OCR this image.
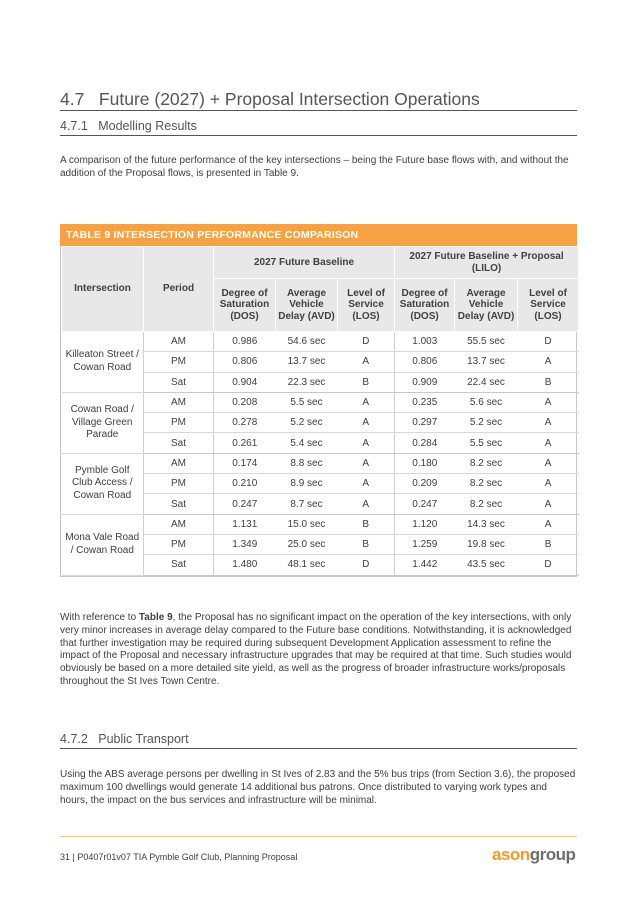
4.7 Future (2027) + Proposal Intersection Operations
4.7.1 Modelling Results
A comparison of the future performance of the key intersections – being the Future base flows with, and without the addition of the Proposal flows, is presented in Table 9.
TABLE 9 INTERSECTION PERFORMANCE COMPARISON
Intersection	Period	2027 Future Baseline			2027 Future Baseline + Proposal (LILO)		
		Degree of Saturation (DOS)	Average Vehicle Delay (AVD)	Level of Service (LOS)	Degree of Saturation (DOS)	Average Vehicle Delay (AVD)	Level of Service (LOS)
Killeaton Street / Cowan Road	AM	0.986	54.6 sec	D	1.003	55.5 sec	D
	PM	0.806	13.7 sec	A	0.806	13.7 sec	A
	Sat	0.904	22.3 sec	B	0.909	22.4 sec	B
Cowan Road / Village Green Parade	AM	0.208	5.5 sec	A	0.235	5.6 sec	A
	PM	0.278	5.2 sec	A	0.297	5.2 sec	A
	Sat	0.261	5.4 sec	A	0.284	5.5 sec	A
Pymble Golf Club Access / Cowan Road	AM	0.174	8.8 sec	A	0.180	8.2 sec	A
	PM	0.210	8.9 sec	A	0.209	8.2 sec	A
	Sat	0.247	8.7 sec	A	0.247	8.2 sec	A
Mona Vale Road / Cowan Road	AM	1.131	15.0 sec	B	1.120	14.3 sec	A
	PM	1.349	25.0 sec	B	1.259	19.8 sec	B
	Sat	1.480	48.1 sec	D	1.442	43.5 sec	D
With reference to Table 9, the Proposal has no significant impact on the operation of the key intersections, with only very minor increases in average delay compared to the Future base conditions. Notwithstanding, it is acknowledged that further investigation may be required during subsequent Development Application assessment to refine the impact of the Proposal and necessary infrastructure upgrades that may be required at that time. Such studies would obviously be based on a more detailed site yield, as well as the progress of broader infrastructure works/proposals throughout the St Ives Town Centre.
4.7.2 Public Transport
Using the ABS average persons per dwelling in St Ives of 2.83 and the 5% bus trips (from Section 3.6), the proposed maximum 100 dwellings would generate 14 additional bus patrons. Once distributed to varying work types and hours, the impact on the bus services and infrastructure will be minimal.
31 | P0407r01v07 TIA Pymble Golf Club, Planning Proposal	asongroup
